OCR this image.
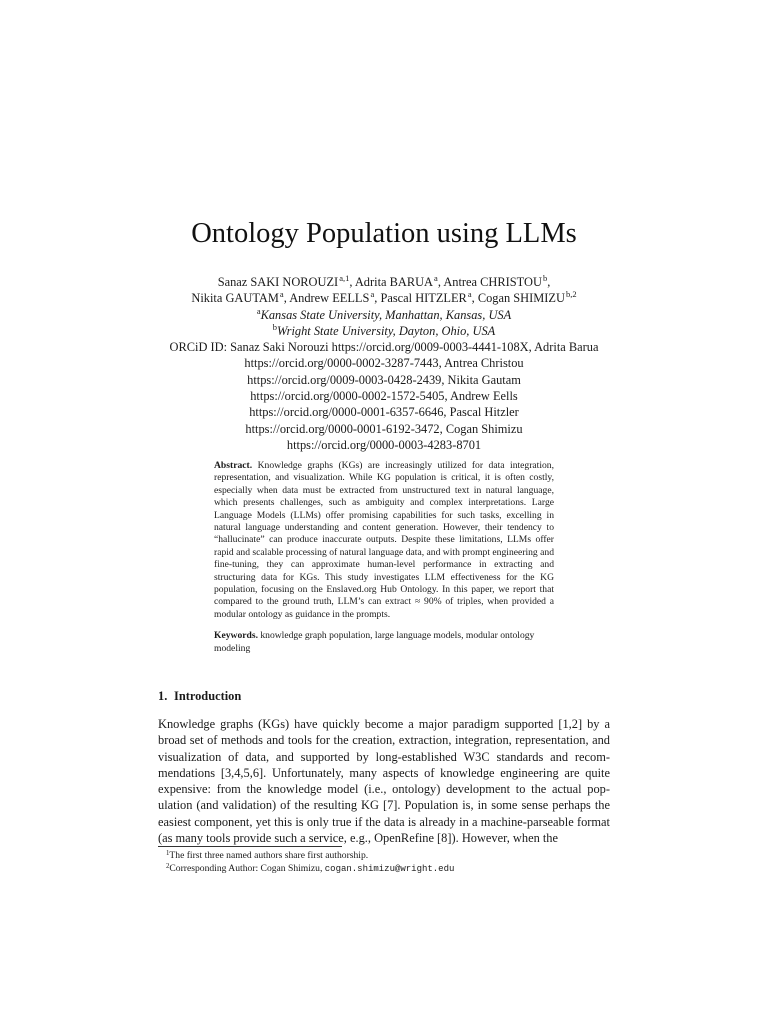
Ontology Population using LLMs
Sanaz SAKI NOROUZI $^{a,1}$, Adrita BARUA $^a$, Antrea CHRISTOU $^b$,
Nikita GAUTAM $^a$, Andrew EELLS $^a$, Pascal HITZLER $^a$, Cogan SHIMIZU $^{b,2}$
$^a$Kansas State University, Manhattan, Kansas, USA
$^b$Wright State University, Dayton, Ohio, USA
ORCiD ID: Sanaz Saki Norouzi https://orcid.org/0009-0003-4441-108X, Adrita Barua
https://orcid.org/0000-0002-3287-7443, Antrea Christou
https://orcid.org/0009-0003-0428-2439, Nikita Gautam
https://orcid.org/0000-0002-1572-5405, Andrew Eells
https://orcid.org/0000-0001-6357-6646, Pascal Hitzler
https://orcid.org/0000-0001-6192-3472, Cogan Shimizu
https://orcid.org/0000-0003-4283-8701

Abstract. Knowledge graphs (KGs) are increasingly utilized for data integration, representation, and visualization. While KG population is critical, it is often costly, especially when data must be extracted from unstructured text in natural language, which presents challenges, such as ambiguity and complex interpretations. Large Language Models (LLMs) offer promising capabilities for such tasks, excelling in natural language understanding and content generation. However, their tendency to “hallucinate” can produce inaccurate outputs. Despite these limitations, LLMs offer rapid and scalable processing of natural language data, and with prompt engineering and fine-tuning, they can approximate human-level performance in extracting and structuring data for KGs. This study investigates LLM effectiveness for the KG population, focusing on the Enslaved.org Hub Ontology. In this paper, we report that compared to the ground truth, LLM’s can extract ≈ 90% of triples, when provided a modular ontology as guidance in the prompts.

Keywords. knowledge graph population, large language models, modular ontology modeling

1. Introduction

Knowledge graphs (KGs) have quickly become a major paradigm supported [1,2] by a broad set of methods and tools for the creation, extraction, integration, representation, and visualization of data, and supported by long-established W3C standards and recommendations [3,4,5,6]. Unfortunately, many aspects of knowledge engineering are quite expensive: from the knowledge model (i.e., ontology) development to the actual population (and validation) of the resulting KG [7]. Population is, in some sense perhaps the easiest component, yet this is only true if the data is already in a machine-parseable format (as many tools provide such a service, e.g., OpenRefine [8]). However, when the

$^1$The first three named authors share first authorship.
$^2$Corresponding Author: Cogan Shimizu, cogan.shimizu@wright.edu
